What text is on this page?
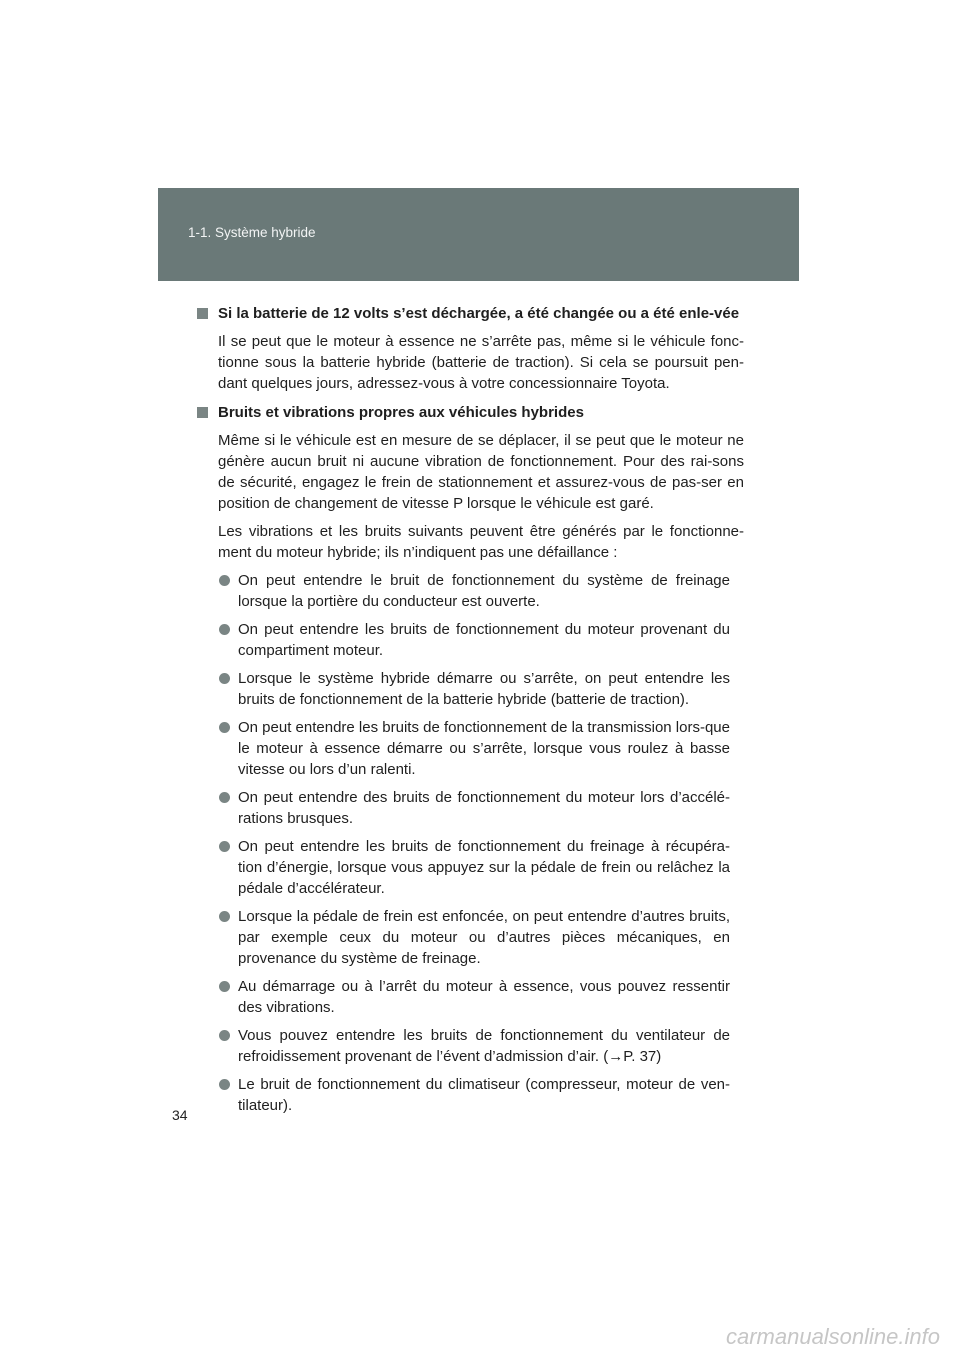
1-1. Système hybride
Si la batterie de 12 volts s’est déchargée, a été changée ou a été enle-vée
Il se peut que le moteur à essence ne s’arrête pas, même si le véhicule fonc-tionne sous la batterie hybride (batterie de traction). Si cela se poursuit pen-dant quelques jours, adressez-vous à votre concessionnaire Toyota.
Bruits et vibrations propres aux véhicules hybrides
Même si le véhicule est en mesure de se déplacer, il se peut que le moteur ne génère aucun bruit ni aucune vibration de fonctionnement. Pour des rai-sons de sécurité, engagez le frein de stationnement et assurez-vous de pas-ser en position de changement de vitesse P lorsque le véhicule est garé.
Les vibrations et les bruits suivants peuvent être générés par le fonctionne-ment du moteur hybride; ils n’indiquent pas une défaillance :
On peut entendre le bruit de fonctionnement du système de freinage lorsque la portière du conducteur est ouverte.
On peut entendre les bruits de fonctionnement du moteur provenant du compartiment moteur.
Lorsque le système hybride démarre ou s’arrête, on peut entendre les bruits de fonctionnement de la batterie hybride (batterie de traction).
On peut entendre les bruits de fonctionnement de la transmission lors-que le moteur à essence démarre ou s’arrête, lorsque vous roulez à basse vitesse ou lors d’un ralenti.
On peut entendre des bruits de fonctionnement du moteur lors d’accélé-rations brusques.
On peut entendre les bruits de fonctionnement du freinage à récupéra-tion d’énergie, lorsque vous appuyez sur la pédale de frein ou relâchez la pédale d’accélérateur.
Lorsque la pédale de frein est enfoncée, on peut entendre d’autres bruits, par exemple ceux du moteur ou d’autres pièces mécaniques, en provenance du système de freinage.
Au démarrage ou à l’arrêt du moteur à essence, vous pouvez ressentir des vibrations.
Vous pouvez entendre les bruits de fonctionnement du ventilateur de refroidissement provenant de l’évent d’admission d’air. (→P. 37)
Le bruit de fonctionnement du climatiseur (compresseur, moteur de ven-tilateur).
34
carmanualsonline.info
